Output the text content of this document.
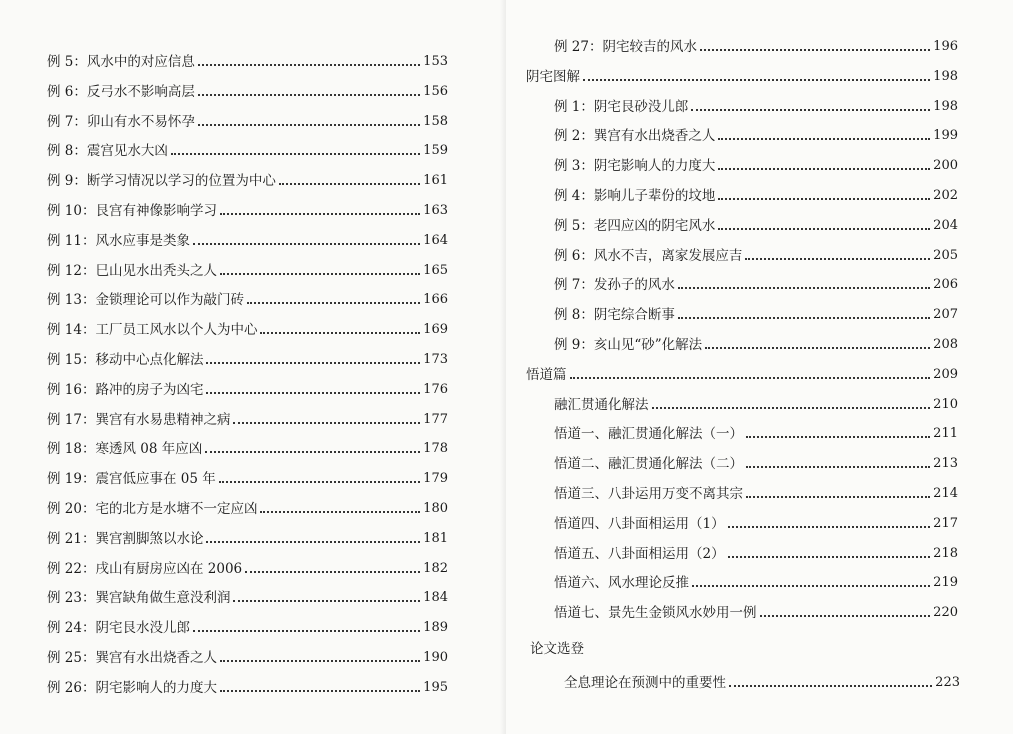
例 5：风水中的对应信息	153
例 6：反弓水不影响高层	156
例 7：卯山有水不易怀孕	158
例 8：震宫见水大凶	159
例 9：断学习情况以学习的位置为中心	161
例 10：艮宫有神像影响学习	163
例 11：风水应事是类象	164
例 12：巳山见水出秃头之人	165
例 13：金锁理论可以作为敲门砖	166
例 14：工厂员工风水以个人为中心	169
例 15：移动中心点化解法	173
例 16：路冲的房子为凶宅	176
例 17：巽宫有水易患精神之病	177
例 18：寒透风 08 年应凶	178
例 19：震宫低应事在 05 年	179
例 20：宅的北方是水塘不一定应凶	180
例 21：巽宫割脚煞以水论	181
例 22：戌山有厨房应凶在 2006	182
例 23：巽宫缺角做生意没利润	184
例 24：阴宅艮水没儿郎	189
例 25：巽宫有水出烧香之人	190
例 26：阴宅影响人的力度大	195
例 27：阴宅较吉的风水	196
阴宅图解	198
例 1：阴宅艮砂没儿郎	198
例 2：巽宫有水出烧香之人	199
例 3：阴宅影响人的力度大	200
例 4：影响儿子辈份的坟地	202
例 5：老四应凶的阴宅风水	204
例 6：风水不吉，离家发展应吉	205
例 7：发孙子的风水	206
例 8：阴宅综合断事	207
例 9：亥山见“砂”化解法	208
悟道篇	209
融汇贯通化解法	210
悟道一、融汇贯通化解法（一）	211
悟道二、融汇贯通化解法（二）	213
悟道三、八卦运用万变不离其宗	214
悟道四、八卦面相运用（1）	217
悟道五、八卦面相运用（2）	218
悟道六、风水理论反推	219
悟道七、景先生金锁风水妙用一例	220
论文选登
全息理论在预测中的重要性	223
